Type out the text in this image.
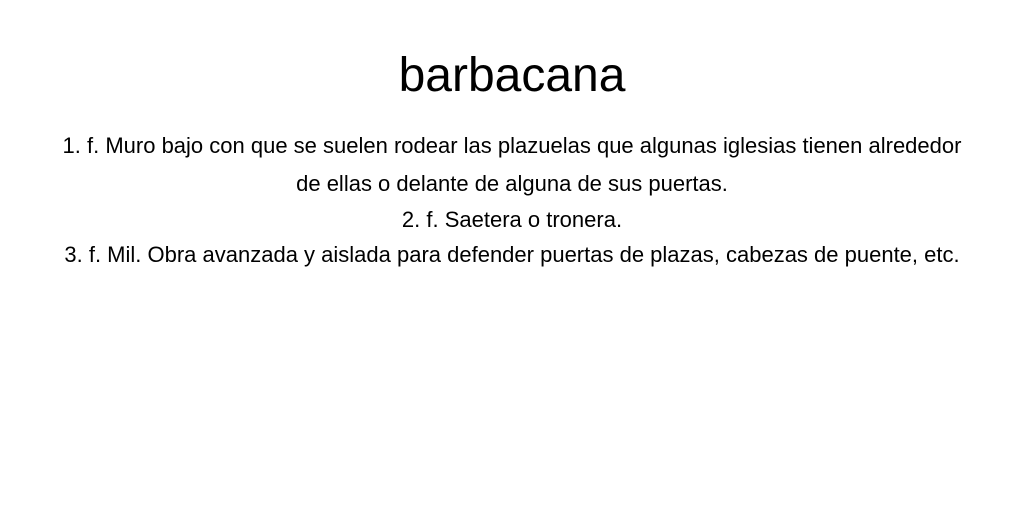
barbacana
1. f. Muro bajo con que se suelen rodear las plazuelas que algunas iglesias tienen alrededor de ellas o delante de alguna de sus puertas.
2. f. Saetera o tronera.
3. f. Mil. Obra avanzada y aislada para defender puertas de plazas, cabezas de puente, etc.
